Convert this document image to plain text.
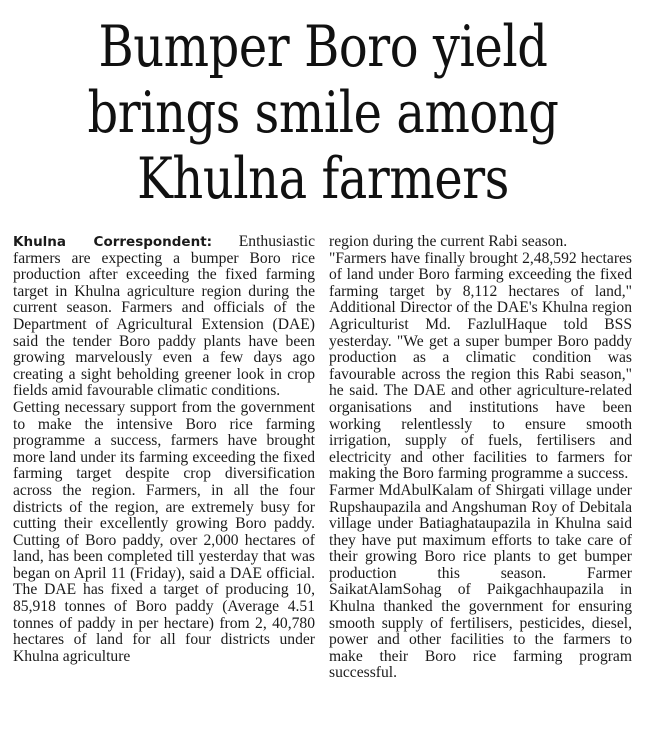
Bumper Boro yield
brings smile among
Khulna farmers

Khulna Correspondent: Enthusiastic farmers are expecting a bumper Boro rice production after exceeding the fixed farming target in Khulna agriculture region during the current season. Farmers and officials of the Department of Agricultural Extension (DAE) said the tender Boro paddy plants have been growing marvelously even a few days ago creating a sight beholding greener look in crop fields amid favourable climatic conditions.

Getting necessary support from the government to make the intensive Boro rice farming programme a success, farmers have brought more land under its farming exceeding the fixed farming target despite crop diversification across the region. Farmers, in all the four districts of the region, are extremely busy for cutting their excellently growing Boro paddy. Cutting of Boro paddy, over 2,000 hectares of land, has been completed till yesterday that was began on April 11 (Friday), said a DAE official. The DAE has fixed a target of producing 10, 85,918 tonnes of Boro paddy (Average 4.51 tonnes of paddy in per hectare) from 2, 40,780 hectares of land for all four districts under Khulna agriculture

region during the current Rabi season.

"Farmers have finally brought 2,48,592 hectares of land under Boro farming exceeding the fixed farming target by 8,112 hectares of land," Additional Director of the DAE's Khulna region Agriculturist Md. FazlulHaque told BSS yesterday. "We get a super bumper Boro paddy production as a climatic condition was favourable across the region this Rabi season," he said. The DAE and other agriculture-related organisations and institutions have been working relentlessly to ensure smooth irrigation, supply of fuels, fertilisers and electricity and other facilities to farmers for making the Boro farming programme a success.

Farmer MdAbulKalam of Shirgati village under Rupshaupazila and Angshuman Roy of Debitala village under Batiaghataupazila in Khulna said they have put maximum efforts to take care of their growing Boro rice plants to get bumper production this season. Farmer SaikatAlamSohag of Paikgachhaupazila in Khulna thanked the government for ensuring smooth supply of fertilisers, pesticides, diesel, power and other facilities to the farmers to make their Boro rice farming program successful.
